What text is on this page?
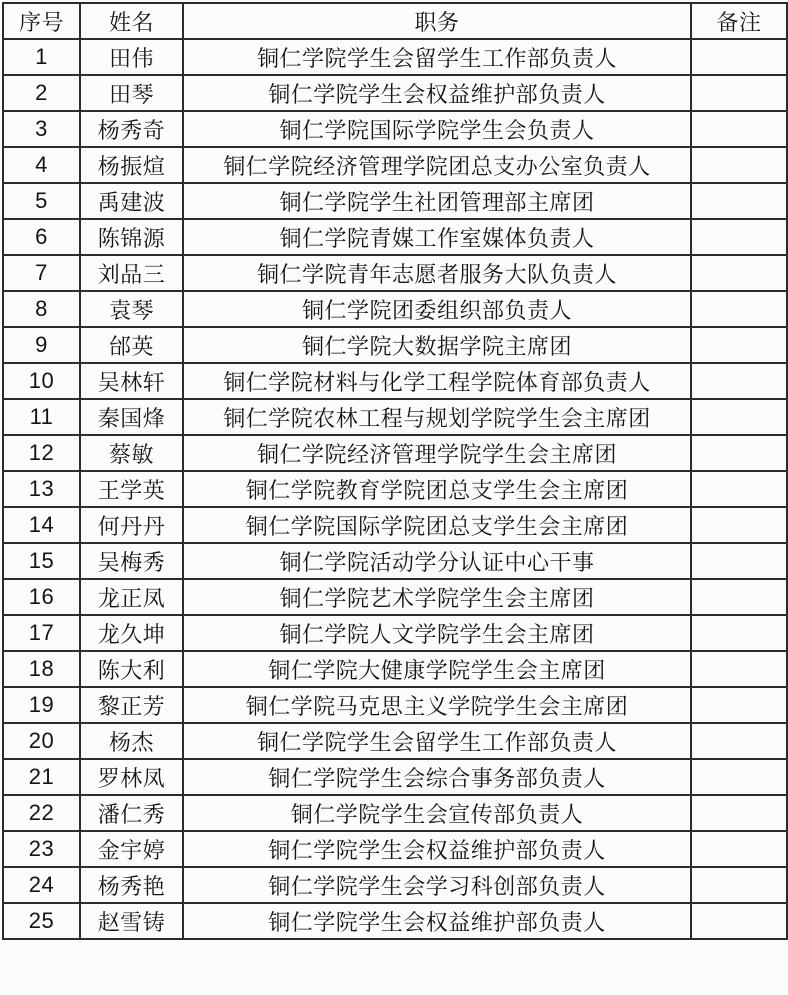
序号	姓名	职务	备注
1	田伟	铜仁学院学生会留学生工作部负责人	
2	田琴	铜仁学院学生会权益维护部负责人	
3	杨秀奇	铜仁学院国际学院学生会负责人	
4	杨振煊	铜仁学院经济管理学院团总支办公室负责人	
5	禹建波	铜仁学院学生社团管理部主席团	
6	陈锦源	铜仁学院青媒工作室媒体负责人	
7	刘品三	铜仁学院青年志愿者服务大队负责人	
8	袁琴	铜仁学院团委组织部负责人	
9	邰英	铜仁学院大数据学院主席团	
10	吴林轩	铜仁学院材料与化学工程学院体育部负责人	
11	秦国烽	铜仁学院农林工程与规划学院学生会主席团	
12	蔡敏	铜仁学院经济管理学院学生会主席团	
13	王学英	铜仁学院教育学院团总支学生会主席团	
14	何丹丹	铜仁学院国际学院团总支学生会主席团	
15	吴梅秀	铜仁学院活动学分认证中心干事	
16	龙正凤	铜仁学院艺术学院学生会主席团	
17	龙久坤	铜仁学院人文学院学生会主席团	
18	陈大利	铜仁学院大健康学院学生会主席团	
19	黎正芳	铜仁学院马克思主义学院学生会主席团	
20	杨杰	铜仁学院学生会留学生工作部负责人	
21	罗林凤	铜仁学院学生会综合事务部负责人	
22	潘仁秀	铜仁学院学生会宣传部负责人	
23	金宇婷	铜仁学院学生会权益维护部负责人	
24	杨秀艳	铜仁学院学生会学习科创部负责人	
25	赵雪铸	铜仁学院学生会权益维护部负责人	
